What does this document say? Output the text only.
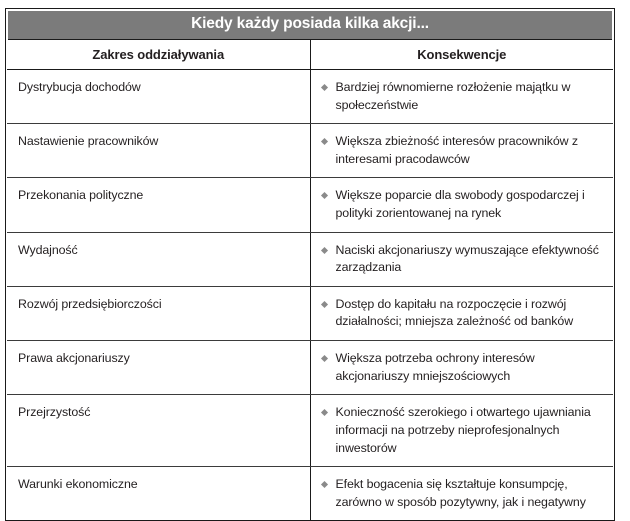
Kiedy każdy posiada kilka akcji...	
Zakres oddziaływania	Konsekwencje

Dystrybucja dochodów	Bardziej równomierne rozłożenie majątku w społeczeństwie

Nastawienie pracowników	Większa zbieżność interesów pracowników z interesami pracodawców

Przekonania polityczne	Większe poparcie dla swobody gospodarczej i polityki zorientowanej na rynek

Wydajność	Naciski akcjonariuszy wymuszające efektywność zarządzania

Rozwój przedsiębiorczości	Dostęp do kapitału na rozpoczęcie i rozwój działalności; mniejsza zależność od banków

Prawa akcjonariuszy	Większa potrzeba ochrony interesów akcjonariuszy mniejszościowych

Przejrzystość	Konieczność szerokiego i otwartego ujawniania informacji na potrzeby nieprofesjonalnych inwestorów

Warunki ekonomiczne	Efekt bogacenia się kształtuje konsumpcję, zarówno w sposób pozytywny, jak i negatywny
